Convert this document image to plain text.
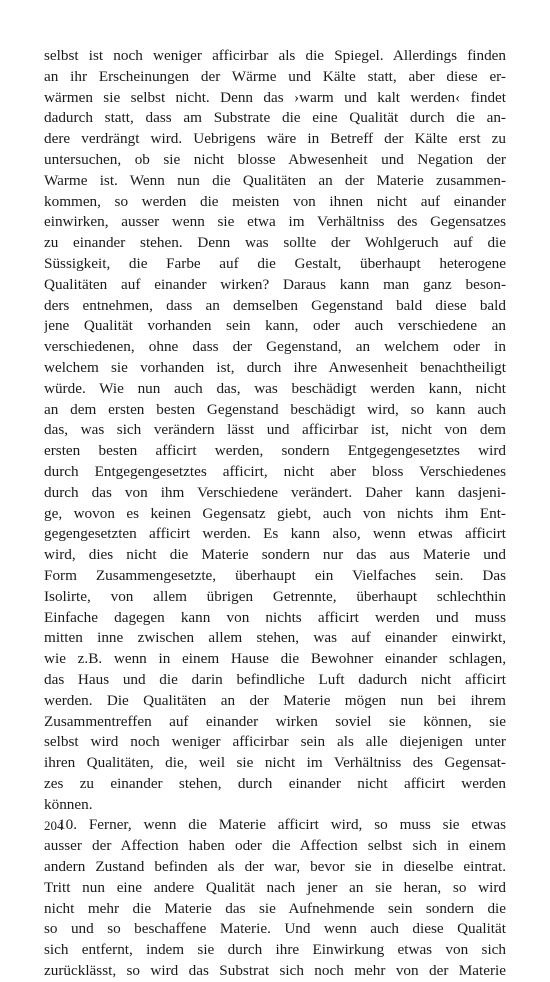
selbst ist noch weniger afficirbar als die Spiegel. Allerdings finden
an ihr Erscheinungen der Wärme und Kälte statt, aber diese er-
wärmen sie selbst nicht. Denn das ›warm und kalt werden‹ findet
dadurch statt, dass am Substrate die eine Qualität durch die an-
dere verdrängt wird. Uebrigens wäre in Betreff der Kälte erst zu
untersuchen, ob sie nicht blosse Abwesenheit und Negation der
Warme ist. Wenn nun die Qualitäten an der Materie zusammen-
kommen, so werden die meisten von ihnen nicht auf einander
einwirken, ausser wenn sie etwa im Verhältniss des Gegensatzes
zu einander stehen. Denn was sollte der Wohlgeruch auf die
Süssigkeit, die Farbe auf die Gestalt, überhaupt heterogene
Qualitäten auf einander wirken? Daraus kann man ganz beson-
ders entnehmen, dass an demselben Gegenstand bald diese bald
jene Qualität vorhanden sein kann, oder auch verschiedene an
verschiedenen, ohne dass der Gegenstand, an welchem oder in
welchem sie vorhanden ist, durch ihre Anwesenheit benachtheiligt
würde. Wie nun auch das, was beschädigt werden kann, nicht
an dem ersten besten Gegenstand beschädigt wird, so kann auch
das, was sich verändern lässt und afficirbar ist, nicht von dem
ersten besten afficirt werden, sondern Entgegengesetztes wird
durch Entgegengesetztes afficirt, nicht aber bloss Verschiedenes
durch das von ihm Verschiedene verändert. Daher kann dasjeni-
ge, wovon es keinen Gegensatz giebt, auch von nichts ihm Ent-
gegengesetzten afficirt werden. Es kann also, wenn etwas afficirt
wird, dies nicht die Materie sondern nur das aus Materie und
Form Zusammengesetzte, überhaupt ein Vielfaches sein. Das
Isolirte, von allem übrigen Getrennte, überhaupt schlechthin
Einfache dagegen kann von nichts afficirt werden und muss
mitten inne zwischen allem stehen, was auf einander einwirkt,
wie z.B. wenn in einem Hause die Bewohner einander schlagen,
das Haus und die darin befindliche Luft dadurch nicht afficirt
werden. Die Qualitäten an der Materie mögen nun bei ihrem
Zusammentreffen auf einander wirken soviel sie können, sie
selbst wird noch weniger afficirbar sein als alle diejenigen unter
ihren Qualitäten, die, weil sie nicht im Verhältniss des Gegensat-
zes zu einander stehen, durch einander nicht afficirt werden
können.
10. Ferner, wenn die Materie afficirt wird, so muss sie etwas
ausser der Affection haben oder die Affection selbst sich in einem
andern Zustand befinden als der war, bevor sie in dieselbe eintrat.
Tritt nun eine andere Qualität nach jener an sie heran, so wird
nicht mehr die Materie das sie Aufnehmende sein sondern die
so und so beschaffene Materie. Und wenn auch diese Qualität
sich entfernt, indem sie durch ihre Einwirkung etwas von sich
zurücklässt, so wird das Substrat sich noch mehr von der Materie
204
